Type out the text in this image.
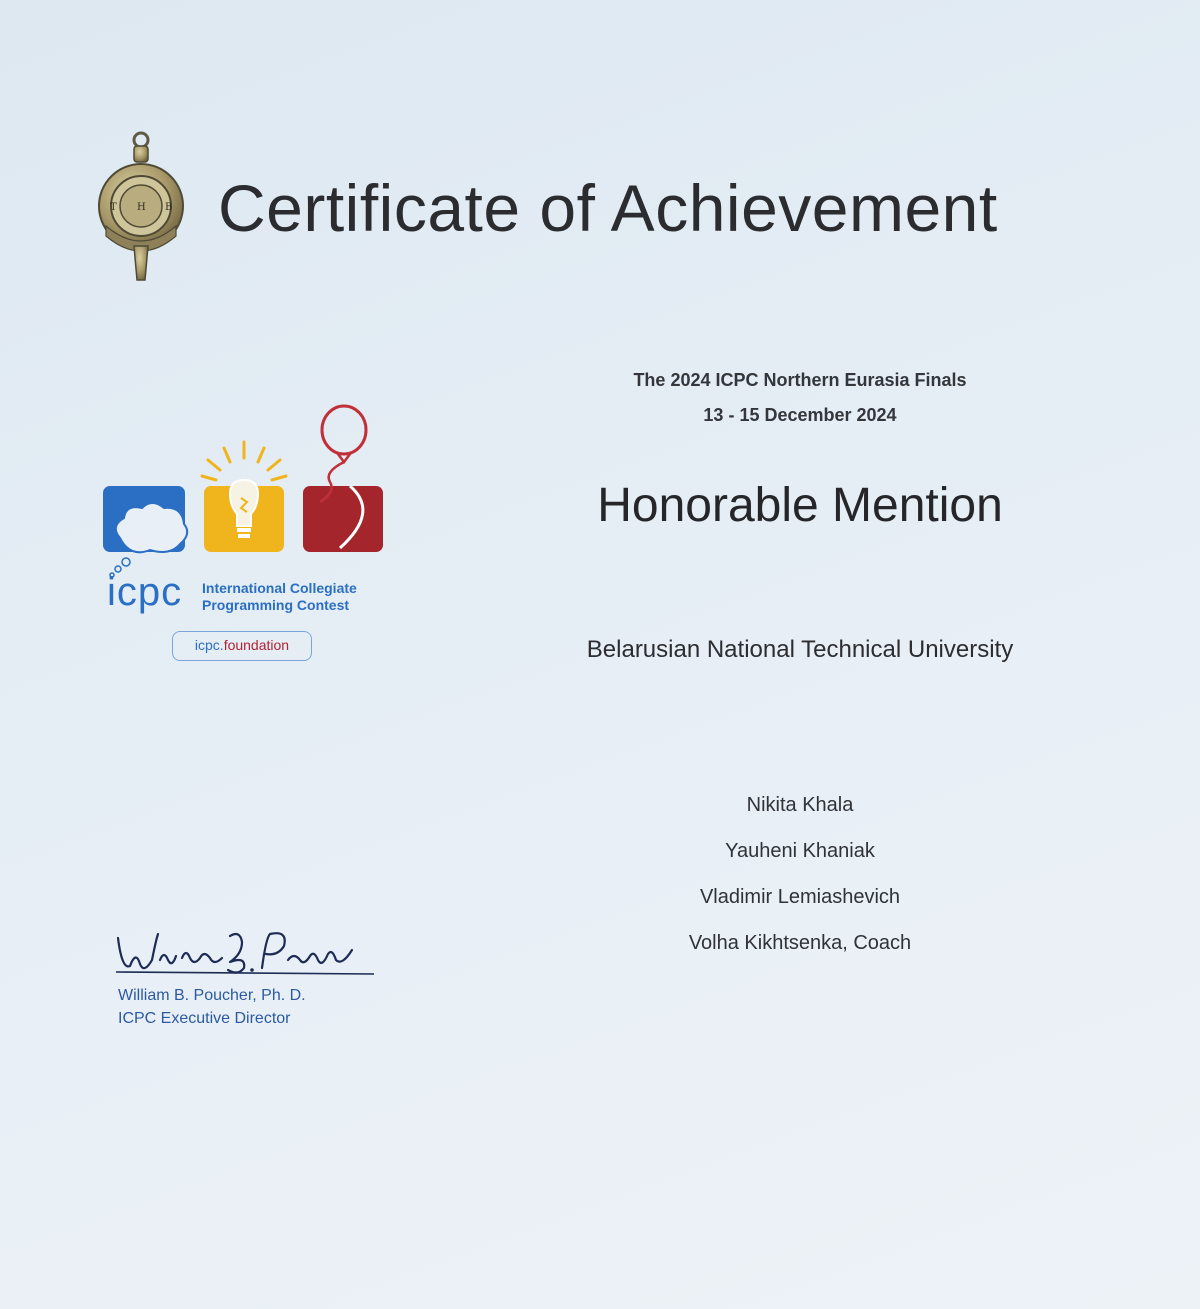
T H B Certificate of Achievement
icpc International Collegiate
Programming Contest
icpc.foundation
The 2024 ICPC Northern Eurasia Finals
13 - 15 December 2024
Honorable Mention
Belarusian National Technical University
Nikita Khala
Yauheni Khaniak
Vladimir Lemiashevich
Volha Kikhtsenka, Coach
William B. Poucher, Ph. D.
ICPC Executive Director
